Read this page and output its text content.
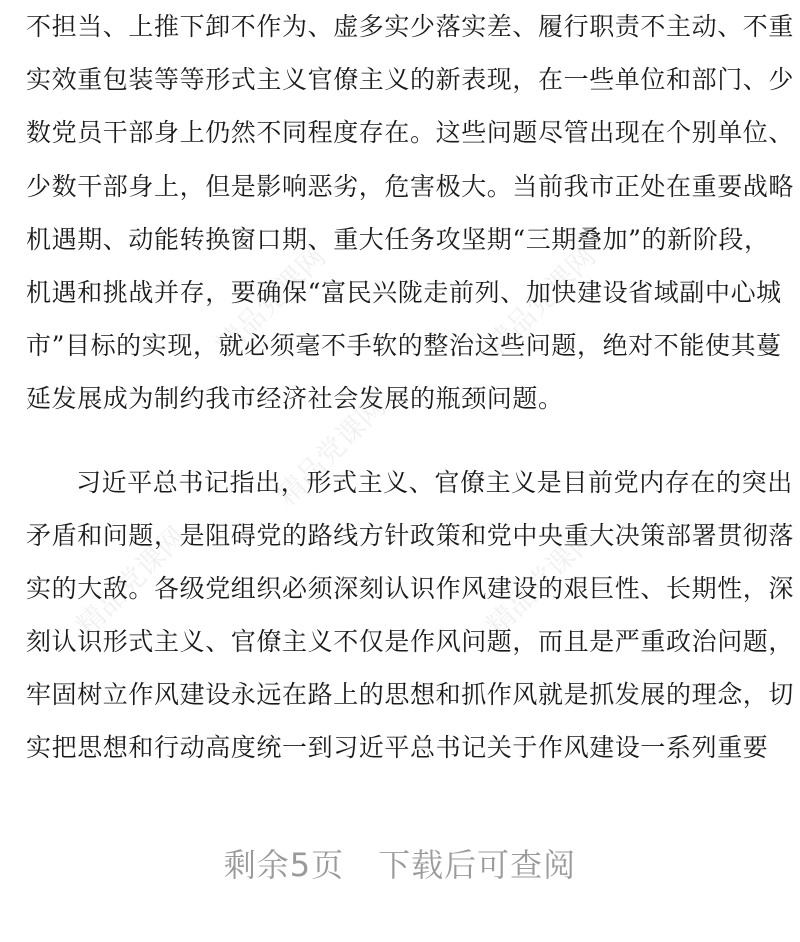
精品党课网	精品党课网
精品党课网
精品党课网	精品党课网
不担当、上推下卸不作为、虚多实少落实差、履行职责不主动、不重
实效重包装等等形式主义官僚主义的新表现，在一些单位和部门、少
数党员干部身上仍然不同程度存在。这些问题尽管出现在个别单位、
少数干部身上，但是影响恶劣，危害极大。当前我市正处在重要战略
机遇期、动能转换窗口期、重大任务攻坚期“三期叠加”的新阶段，
机遇和挑战并存，要确保“富民兴陇走前列、加快建设省域副中心城
市”目标的实现，就必须毫不手软的整治这些问题，绝对不能使其蔓
延发展成为制约我市经济社会发展的瓶颈问题。
习近平总书记指出，形式主义、官僚主义是目前党内存在的突出
矛盾和问题，是阻碍党的路线方针政策和党中央重大决策部署贯彻落
实的大敌。各级党组织必须深刻认识作风建设的艰巨性、长期性，深
刻认识形式主义、官僚主义不仅是作风问题，而且是严重政治问题，
牢固树立作风建设永远在路上的思想和抓作风就是抓发展的理念，切
实把思想和行动高度统一到习近平总书记关于作风建设一系列重要
剩余5页 下载后可查阅
